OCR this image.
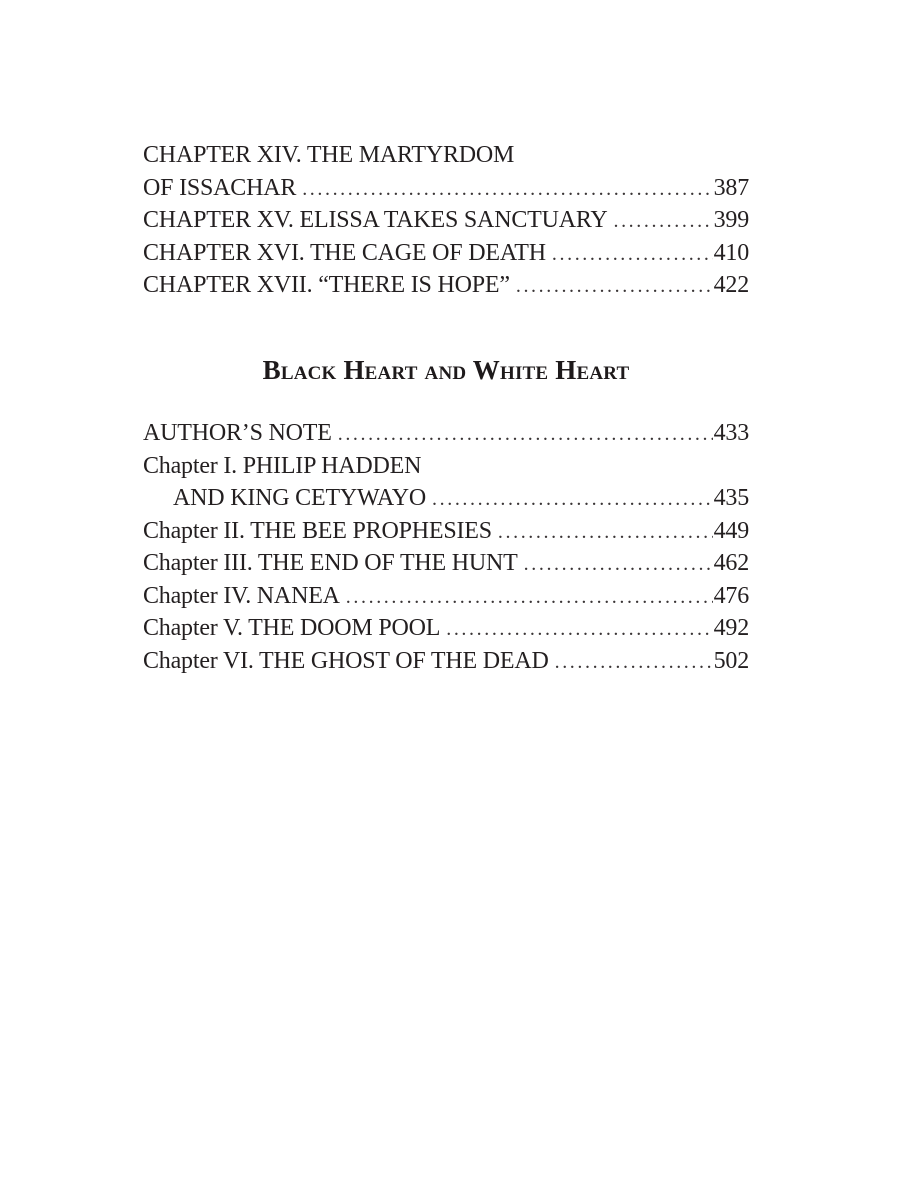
CHAPTER XIV. THE MARTYRDOM
OF ISSACHAR .....	387
CHAPTER XV. ELISSA TAKES SANCTUARY .....	399
CHAPTER XVI. THE CAGE OF DEATH .....	410
CHAPTER XVII. “THERE IS HOPE” .....	422
Black Heart and White Heart
AUTHOR’S NOTE .....	433
Chapter I. PHILIP HADDEN
AND KING CETYWAYO .....	435
Chapter II. THE BEE PROPHESIES .....	449
Chapter III. THE END OF THE HUNT .....	462
Chapter IV. NANEA .....	476
Chapter V. THE DOOM POOL .....	492
Chapter VI. THE GHOST OF THE DEAD .....	502
